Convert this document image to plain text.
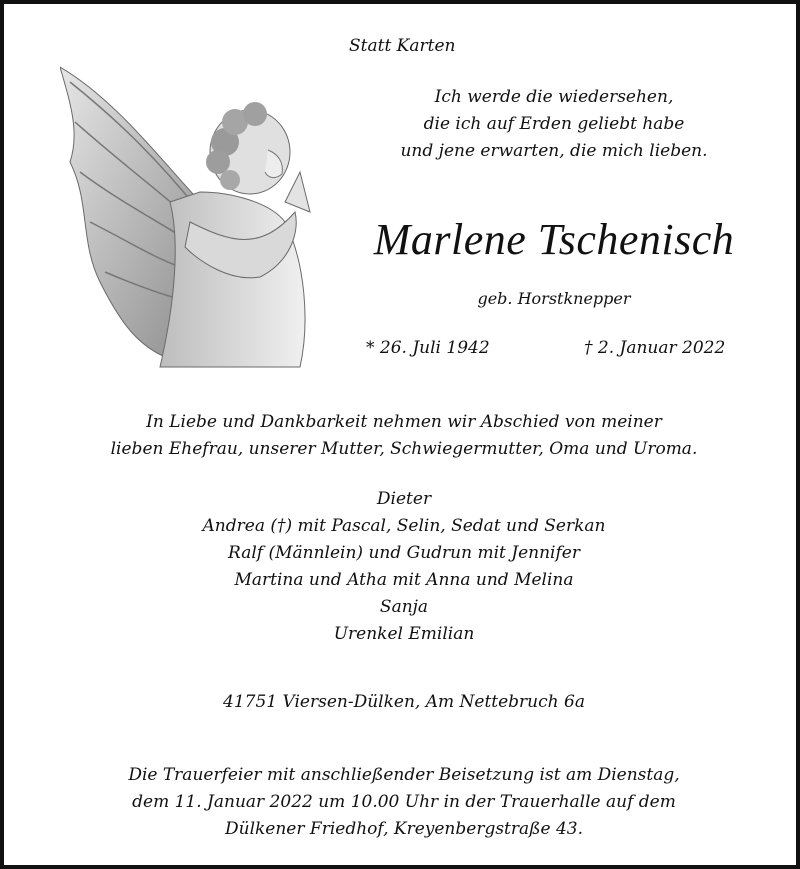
Statt Karten
Ich werde die wiedersehen,
die ich auf Erden geliebt habe
und jene erwarten, die mich lieben.
Marlene Tschenisch
geb. Horstknepper
* 26. Juli 1942	† 2. Januar 2022
In Liebe und Dankbarkeit nehmen wir Abschied von meiner
lieben Ehefrau, unserer Mutter, Schwiegermutter, Oma und Uroma.
Dieter
Andrea (†) mit Pascal, Selin, Sedat und Serkan
Ralf (Männlein) und Gudrun mit Jennifer
Martina und Atha mit Anna und Melina
Sanja
Urenkel Emilian
41751 Viersen-Dülken, Am Nettebruch 6a
Die Trauerfeier mit anschließender Beisetzung ist am Dienstag,
dem 11. Januar 2022 um 10.00 Uhr in der Trauerhalle auf dem
Dülkener Friedhof, Kreyenbergstraße 43.
